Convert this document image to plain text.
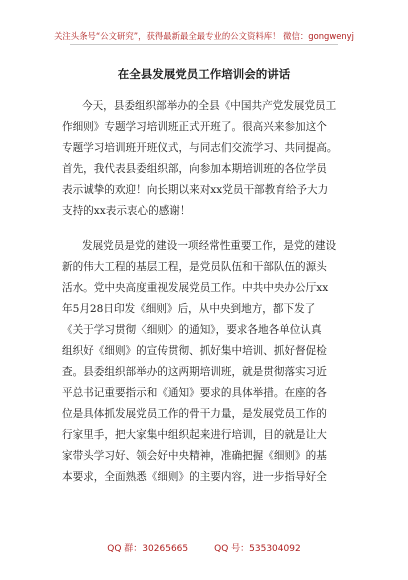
关注头条号“公文研究”，获得最新最全最专业的公文资料库！ 微信：gongwenyj
在全县发展党员工作培训会的讲话
今天，县委组织部举办的全县《中国共产党发展党员工
作细则》专题学习培训班正式开班了。很高兴来参加这个
专题学习培训班开班仪式，与同志们交流学习、共同提高。
首先，我代表县委组织部，向参加本期培训班的各位学员
表示诚挚的欢迎！向长期以来对xx党员干部教育给予大力
支持的xx表示衷心的感谢！
发展党员是党的建设一项经常性重要工作，是党的建设
新的伟大工程的基层工程，是党员队伍和干部队伍的源头
活水。党中央高度重视发展党员工作。中共中央办公厅xx
年5月28日印发《细则》后，从中央到地方，都下发了
《关于学习贯彻〈细则〉的通知》，要求各地各单位认真
组织好《细则》的宣传贯彻、抓好集中培训、抓好督促检
查。县委组织部举办的这两期培训班，就是贯彻落实习近
平总书记重要指示和《通知》要求的具体举措。在座的各
位是具体抓发展党员工作的骨干力量，是发展党员工作的
行家里手，把大家集中组织起来进行培训，目的就是让大
家带头学习好、领会好中央精神，准确把握《细则》的基
本要求，全面熟悉《细则》的主要内容，进一步指导好全
QQ 群：30265665	QQ 号：535304092
